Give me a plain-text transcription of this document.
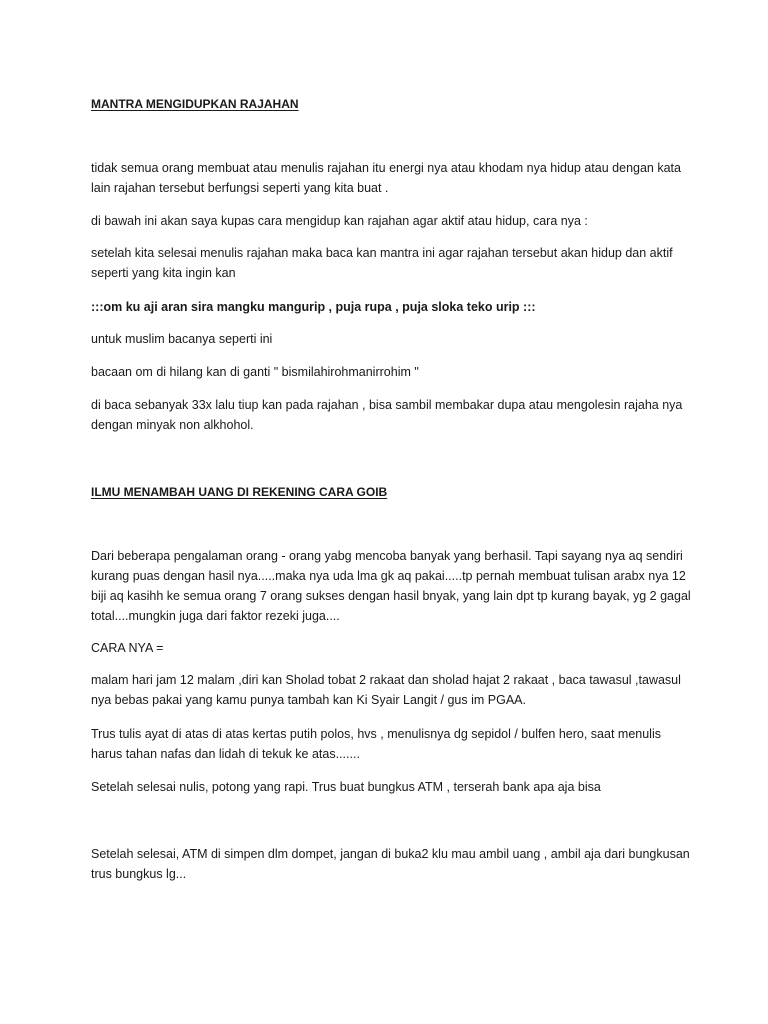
MANTRA MENGIDUPKAN RAJAHAN
tidak semua orang membuat atau menulis rajahan itu energi nya atau khodam nya hidup atau dengan kata lain rajahan tersebut berfungsi seperti yang kita buat .
di bawah ini akan saya kupas cara mengidup kan rajahan agar aktif atau hidup, cara nya :
setelah kita selesai menulis rajahan maka baca kan mantra ini agar rajahan tersebut akan hidup dan aktif seperti yang kita ingin kan
:::om ku aji aran sira mangku mangurip , puja rupa , puja sloka teko urip :::
untuk muslim bacanya seperti ini
bacaan om di hilang kan di ganti " bismilahirohmanirrohim "
di baca sebanyak 33x lalu tiup kan pada rajahan , bisa sambil membakar dupa atau mengolesin rajaha nya dengan minyak non alkhohol.
ILMU MENAMBAH UANG DI REKENING CARA GOIB
Dari beberapa pengalaman orang - orang yabg mencoba banyak yang berhasil. Tapi sayang nya aq sendiri kurang puas dengan hasil nya.....maka nya uda lma gk aq pakai.....tp pernah membuat tulisan arabx nya 12 biji aq kasihh ke semua orang 7 orang sukses dengan hasil bnyak, yang lain dpt tp kurang bayak, yg 2 gagal total....mungkin juga dari faktor rezeki juga....
CARA NYA =
malam hari jam 12 malam ,diri kan Sholad tobat 2 rakaat dan sholad hajat 2 rakaat , baca tawasul ,tawasul nya bebas pakai yang kamu punya tambah kan Ki Syair Langit / gus im PGAA.
Trus tulis ayat di atas di atas kertas putih polos, hvs , menulisnya dg sepidol / bulfen hero, saat menulis harus tahan nafas dan lidah di tekuk ke atas.......
Setelah selesai nulis, potong yang rapi. Trus buat bungkus ATM , terserah bank apa aja bisa
Setelah selesai, ATM di simpen dlm dompet, jangan di buka2 klu mau ambil uang , ambil aja dari bungkusan trus bungkus lg...
